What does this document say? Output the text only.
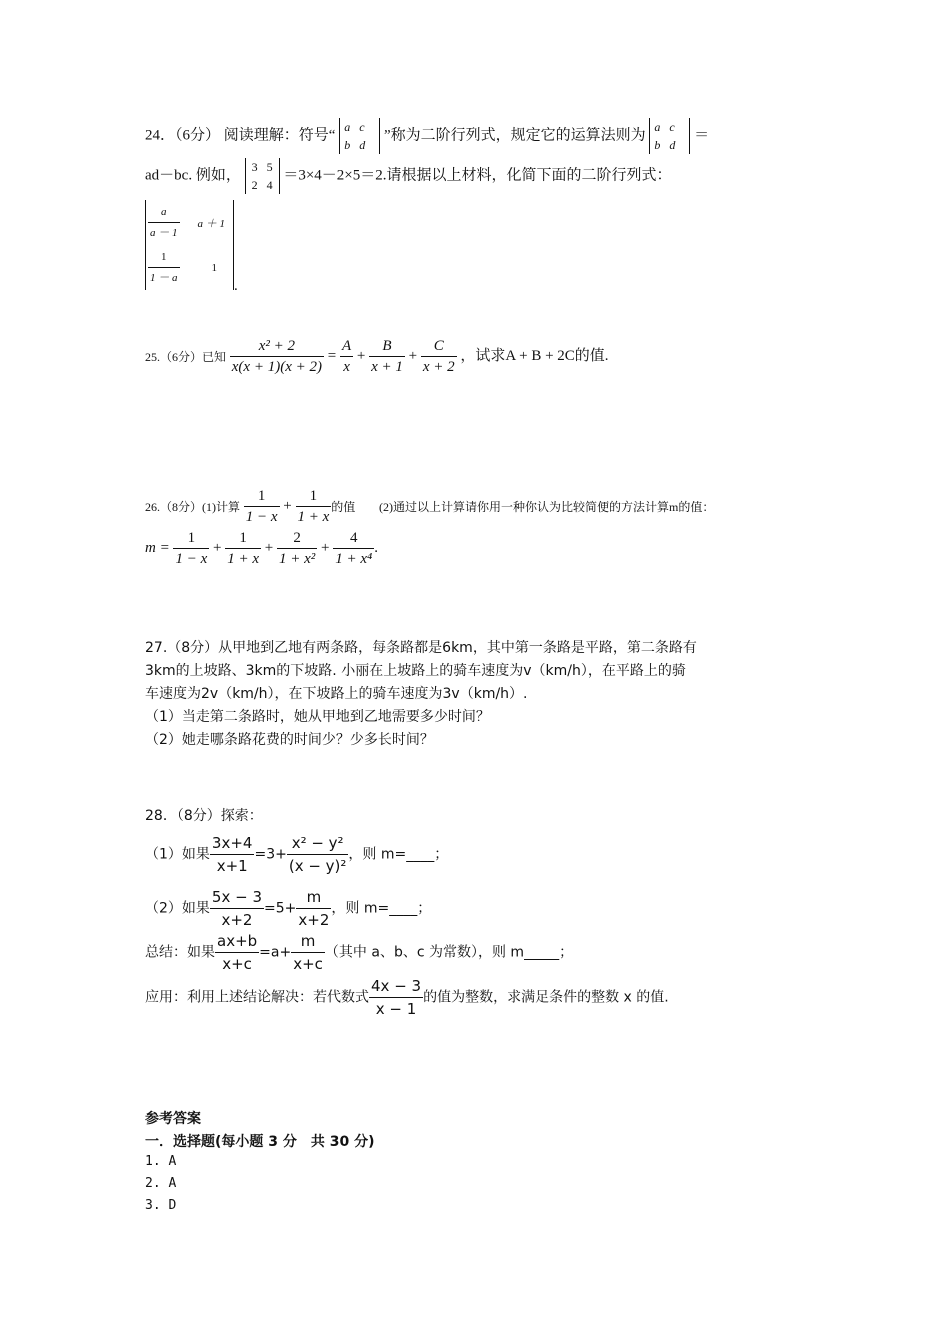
24．（6分） 阅读理解：符号“ a c
b d ”称为二阶行列式，规定它的运算法则为 a c
b d ＝
ad－bc. 例如， 3 5
2 4 ＝3×4－2×5＝2.请根据以上材料，化简下面的二阶行列式：
$\frac{a}{a - 1}$	a ＋ 1

$\frac{1}{1 - a}$	1
.
25.（6分）已知 $\frac{\text{x² + 2}}{x(x + 1)(x + 2)} = \frac{A}{x} + \frac{B}{x + 1} + \frac{C}{x + 2}$ ，试求A + B + 2C的值.
26.（8分）(1)计算 $\frac{1}{1 - x} + \frac{1}{1 + x}$ 的值 (2)通过以上计算请你用一种你认为比较简便的方法计算m的值：
$m = \frac{1}{1 - x} + \frac{1}{1 + x} + \frac{2}{\text{1 + x²}} + \frac{4}{\text{1 + x⁴}}$ .
27.（8分）从甲地到乙地有两条路，每条路都是6km，其中第一条路是平路，第二条路有
3km的上坡路、3km的下坡路. 小丽在上坡路上的骑车速度为v（km/h），在平路上的骑
车速度为2v（km/h），在下坡路上的骑车速度为3v（km/h）.
（1）当走第二条路时，她从甲地到乙地需要多少时间？
（2）她走哪条路花费的时间少？少多长时间？
28．（8分）探索：
（1）如果 $\frac{3x+4}{x+1} =3+ \frac{\text{x² − y²}}{\text{(x − y)²}}$ ，则 m=____；
（2）如果 $\frac{5x - 3}{x+2} =5+ \frac{m}{x+2}$ ，则 m=____；
总结：如果 $\frac{ax+b}{x+c} =a+ \frac{m}{x+c}$ （其中 a、b、c 为常数），则 m_____；
应用：利用上述结论解决：若代数式 $\frac{4x - 3}{x - 1}$ 的值为整数，求满足条件的整数 x 的值.
参考答案
一．选择题(每小题 3 分　共 30 分)
1. A
2. A
3. D
